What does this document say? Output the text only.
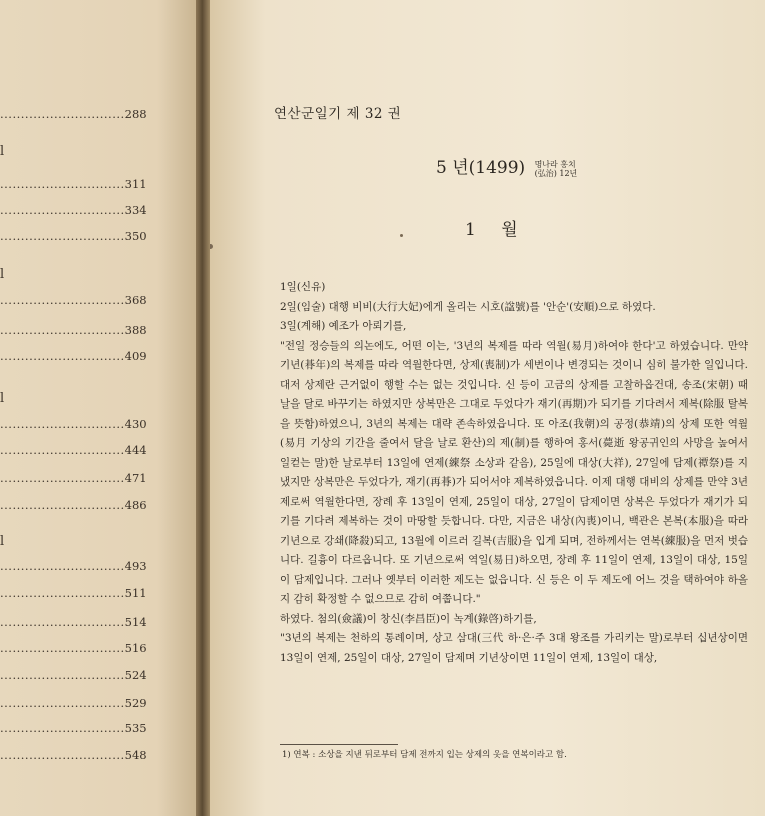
..............................288
..............................311
..............................334
..............................350
..............................368
..............................388
..............................409
..............................430
..............................444
..............................471
..............................486
..............................493
..............................511
..............................514
..............................516
..............................524
..............................529
..............................535
..............................548
l
l
l
l
연산군일기 제 32 권
5 년(1499) 명나라 홍치
(弘治) 12년
1 월

1일(신유)

2일(임술) 대행 비비(大行大妃)에게 올리는 시호(諡號)를 '안순'(安順)으로 하였다.

3일(계해) 예조가 아뢰기를,

"전일 정승들의 의논에도, 어떤 이는, '3년의 복제를 따라 역월(易月)하여야 한다'고 하였습니다. 만약 기년(朞年)의 복제를 따라 역월한다면, 상제(喪制)가 세번이나 변경되는 것이니 심히 불가한 일입니다. 대저 상제란 근거없이 행할 수는 없는 것입니다. 신 등이 고금의 상제를 고찰하옵건대, 송조(宋朝) 때 날을 달로 바꾸기는 하였지만 상복만은 그대로 두었다가 재기(再期)가 되기를 기다려서 제복(除服 탈복을 뜻함)하였으니, 3년의 복제는 대략 존속하였읍니다. 또 아조(我朝)의 공정(恭靖)의 상제 또한 역월(易月 기상의 기간을 줄여서 달을 날로 환산)의 제(制)를 행하여 홍서(薨逝 왕공귀인의 사망을 높여서 일컫는 말)한 날로부터 13일에 연제(練祭 소상과 같음), 25일에 대상(大祥), 27일에 담제(禫祭)를 지냈지만 상복만은 두었다가, 재기(再朞)가 되어서야 제복하였읍니다. 이제 대행 대비의 상제를 만약 3년제로써 역월한다면, 장례 후 13일이 연제, 25일이 대상, 27일이 담제이면 상복은 두었다가 재기가 되기를 기다려 제복하는 것이 마땅할 듯합니다. 다만, 지금은 내상(內喪)이니, 백관은 본복(本服)을 따라 기년으로 강쇄(降殺)되고, 13월에 이르러 길복(吉服)을 입게 되며, 전하께서는 연복(練服)을 먼저 벗습니다. 길흉이 다르옵니다. 또 기년으로써 역일(易日)하오면, 장례 후 11일이 연제, 13일이 대상, 15일이 담제입니다. 그러나 옛부터 이러한 제도는 없읍니다. 신 등은 이 두 제도에 어느 것을 택하여야 하올지 감히 확정할 수 없으므로 감히 여쭙니다."

하였다. 첨의(僉議)이 창신(李昌臣)이 녹계(錄啓)하기를,

"3년의 복제는 천하의 통례이며, 상고 삼대(三代 하·은·주 3대 왕조를 가리키는 말)로부터 십년상이면 13일이 연제, 25일이 대상, 27일이 담제며 기년상이면 11일이 연제, 13일이 대상,

1) 연복 : 소상을 지낸 뒤로부터 담제 전까지 입는 상제의 옷을 연복이라고 함.
